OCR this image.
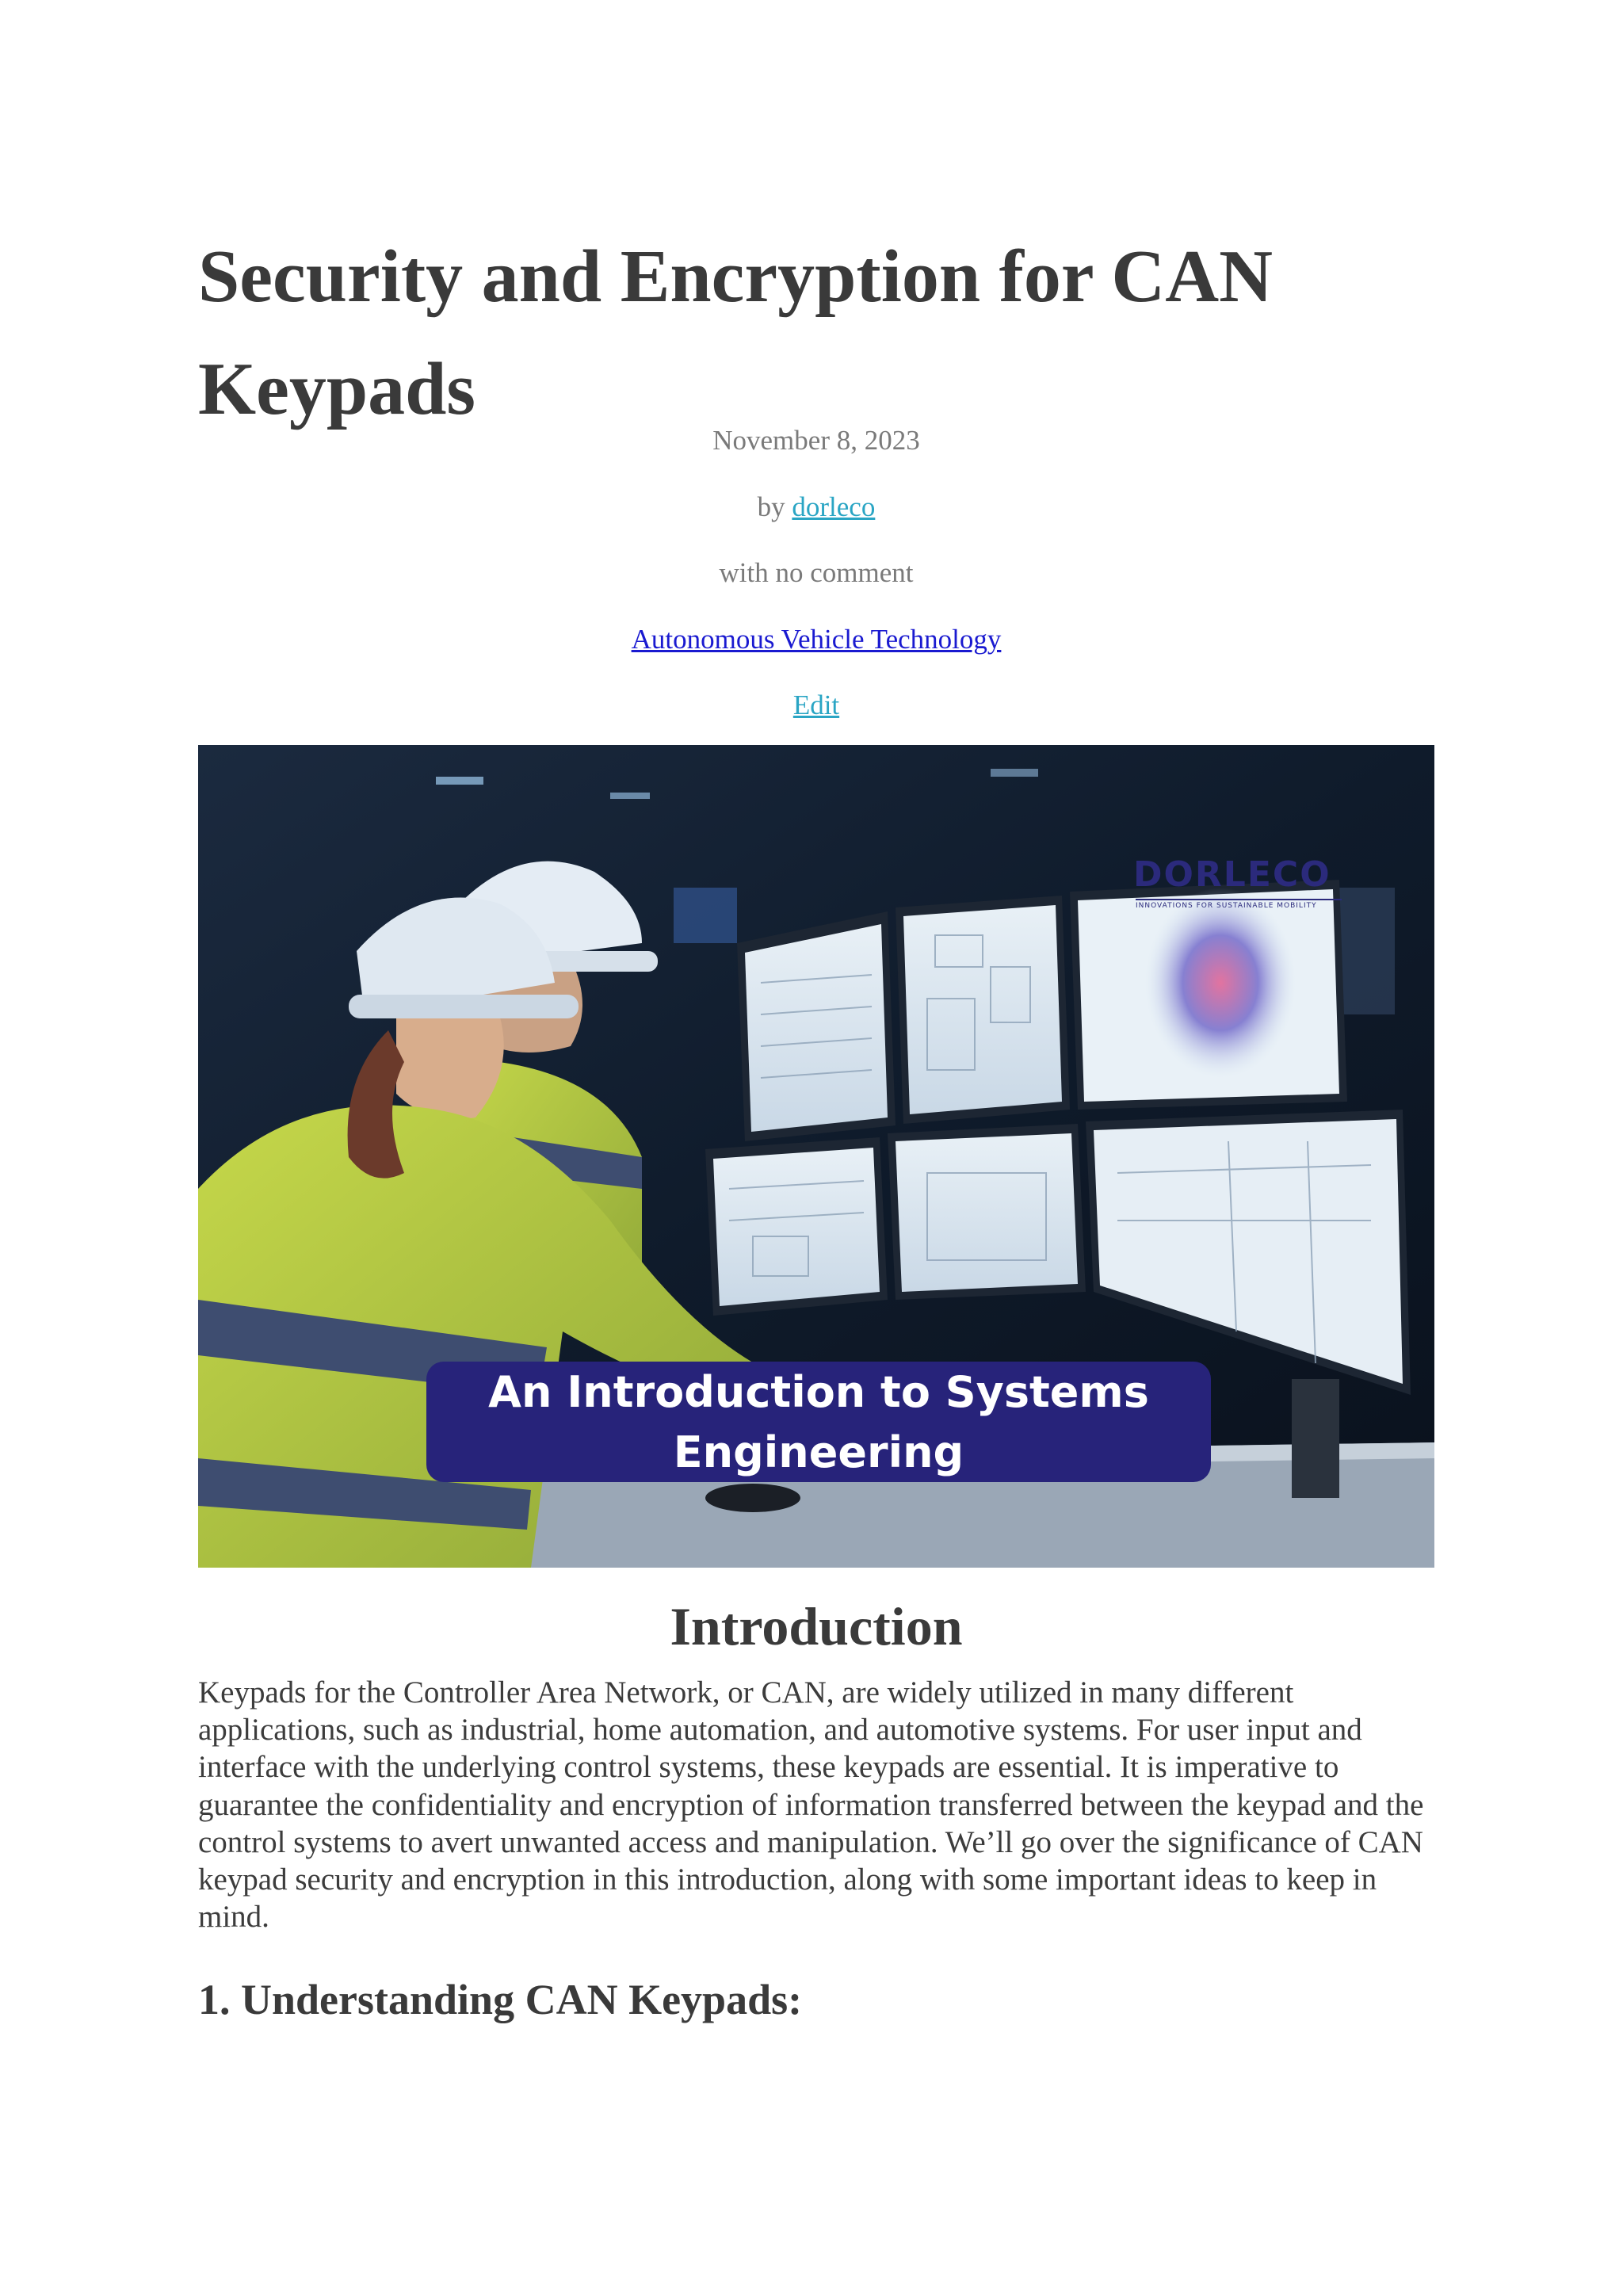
Security and Encryption for CAN Keypads
November 8, 2023
by dorleco
with no comment
Autonomous Vehicle Technology
Edit
DORLECO
INNOVATIONS FOR SUSTAINABLE MOBILITY
An Introduction to Systems
Engineering
Introduction

Keypads for the Controller Area Network, or CAN, are widely utilized in many different applications, such as industrial, home automation, and automotive systems. For user input and interface with the underlying control systems, these keypads are essential. It is imperative to guarantee the confidentiality and encryption of information transferred between the keypad and the control systems to avert unwanted access and manipulation. We’ll go over the significance of CAN keypad security and encryption in this introduction, along with some important ideas to keep in mind.

1. Understanding CAN Keypads:
